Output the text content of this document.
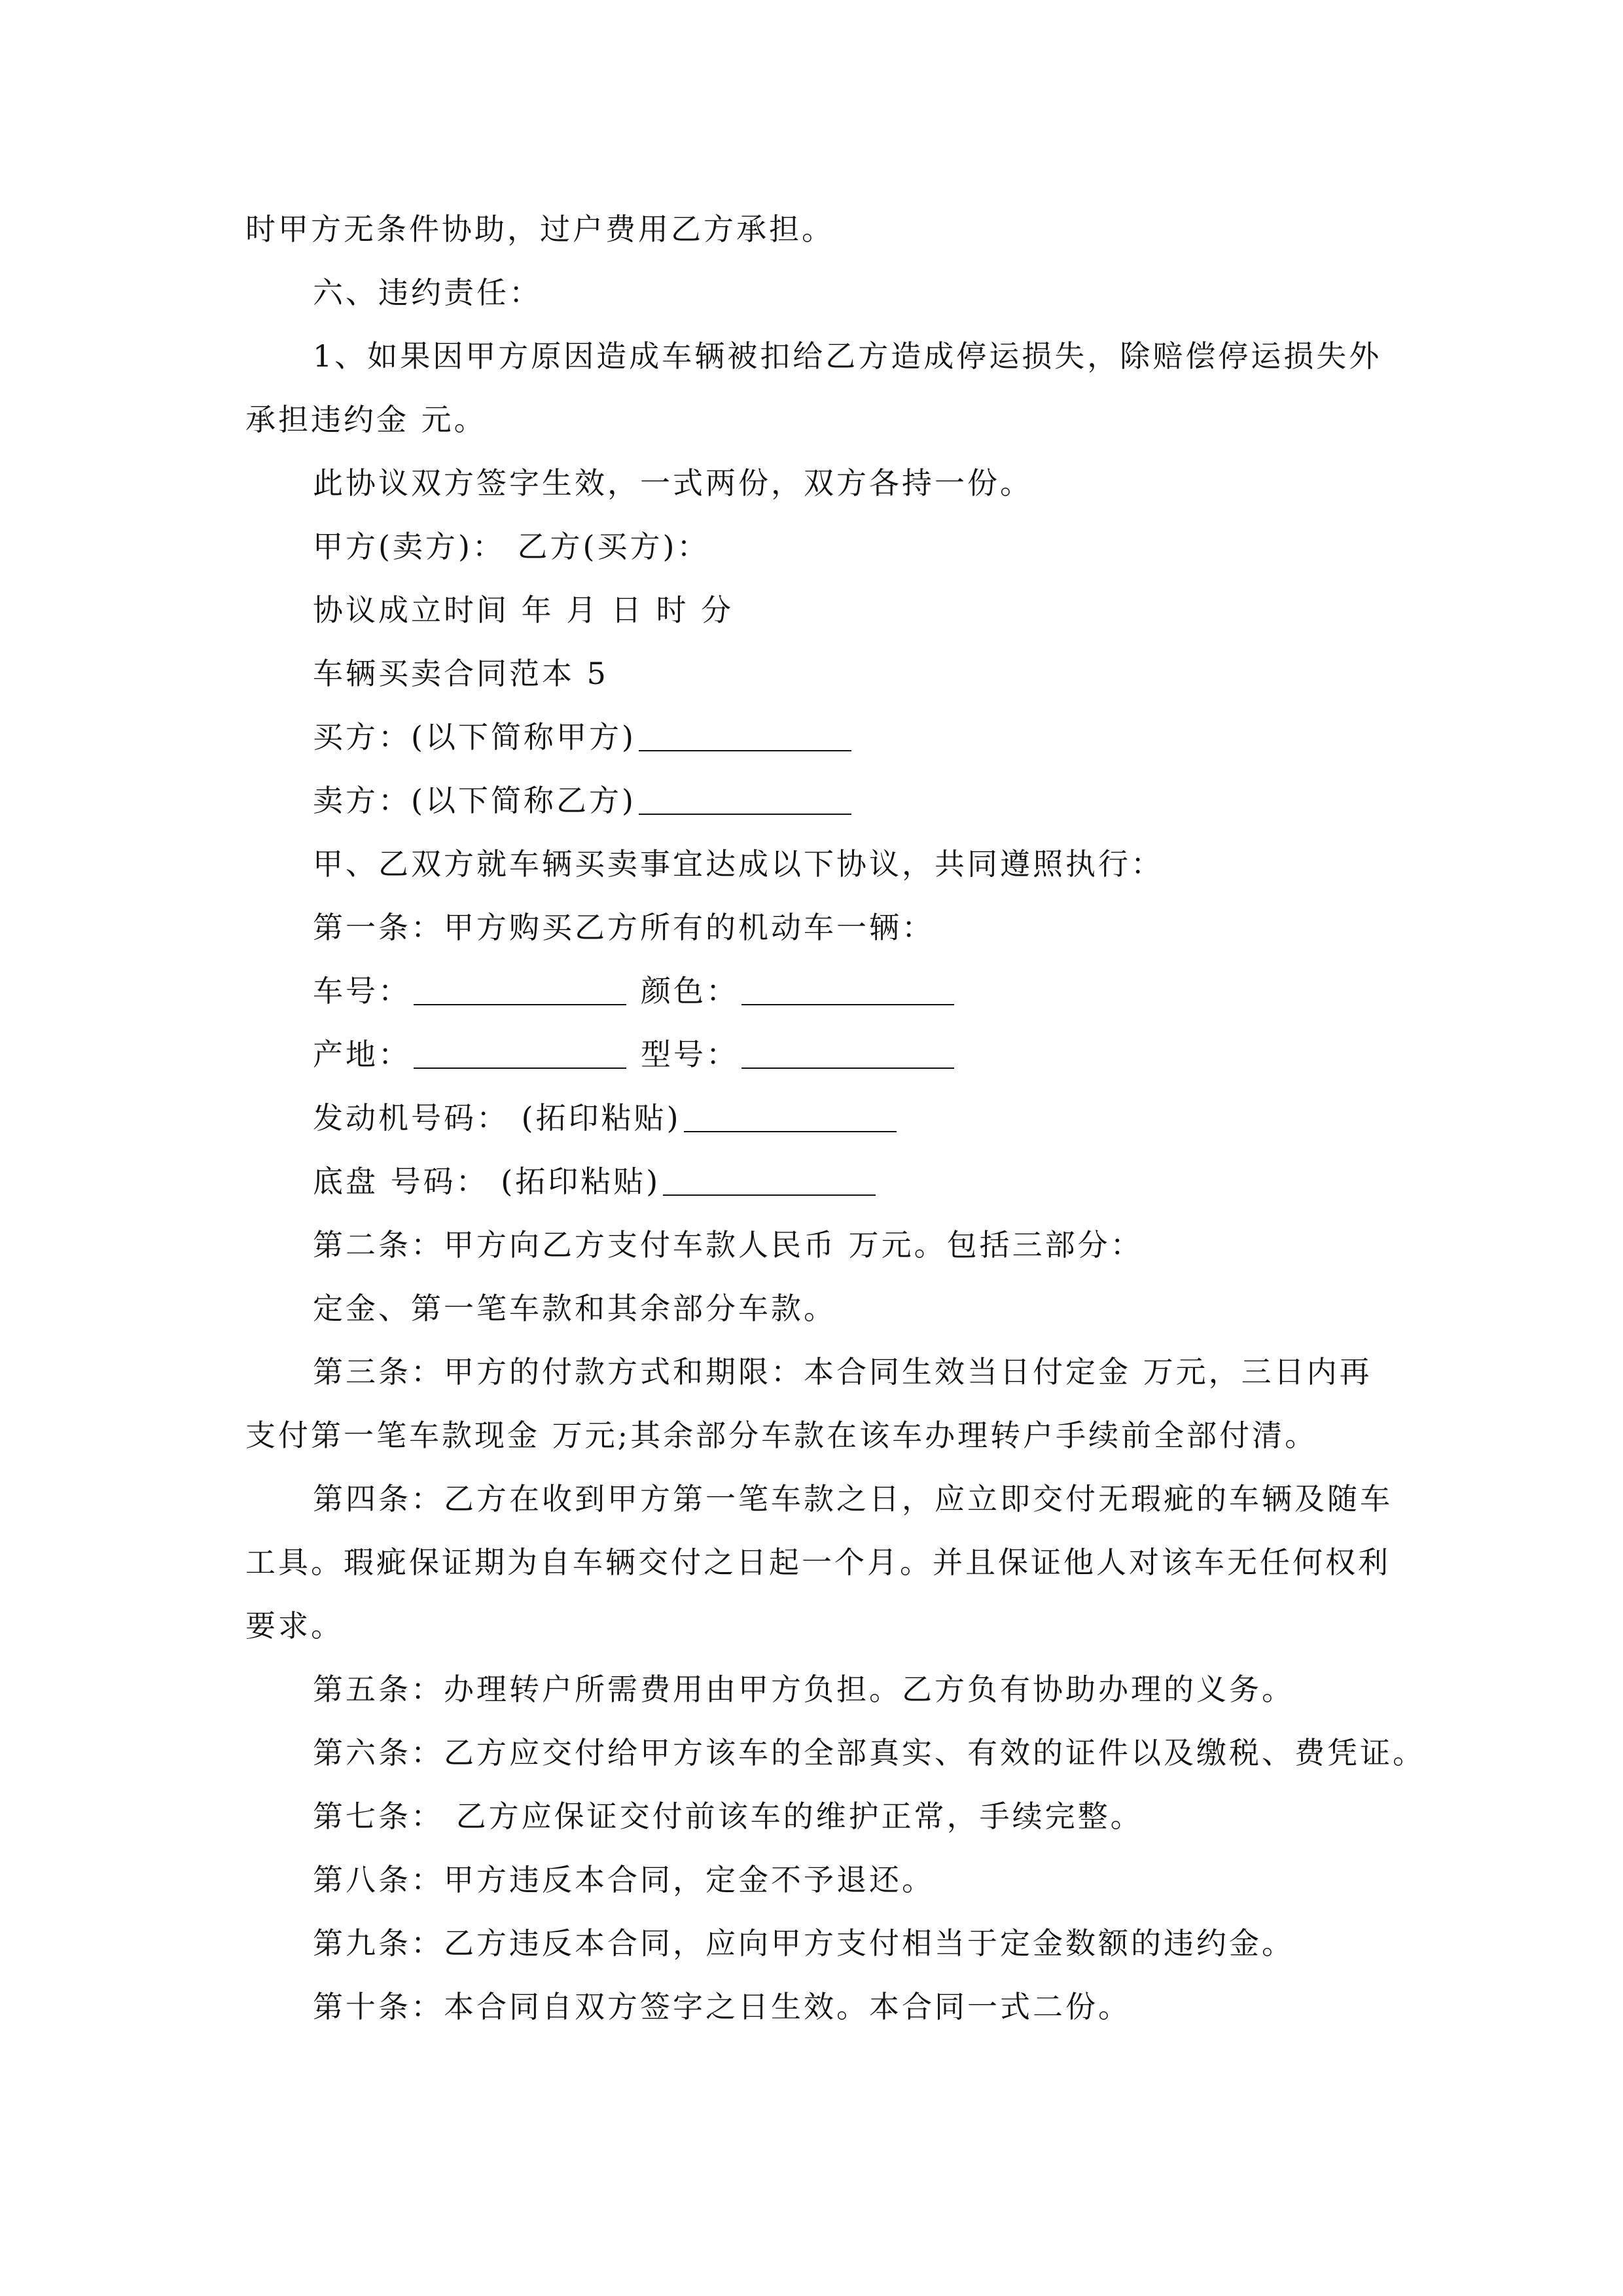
时甲方无条件协助，过户费用乙方承担。
六、违约责任：
1、如果因甲方原因造成车辆被扣给乙方造成停运损失，除赔偿停运损失外
承担违约金 元。
此协议双方签字生效，一式两份，双方各持一份。
甲方(卖方)： 乙方(买方)：
协议成立时间 年 月 日 时 分
车辆买卖合同范本 5
买方：(以下简称甲方)
卖方：(以下简称乙方)
甲、乙双方就车辆买卖事宜达成以下协议，共同遵照执行：
第一条：甲方购买乙方所有的机动车一辆：
车号：	颜色：
产地：	型号：
发动机号码： (拓印粘贴)
底盘 号码： (拓印粘贴)
第二条：甲方向乙方支付车款人民币 万元。包括三部分：
定金、第一笔车款和其余部分车款。
第三条：甲方的付款方式和期限：本合同生效当日付定金 万元，三日内再
支付第一笔车款现金 万元;其余部分车款在该车办理转户手续前全部付清。
第四条：乙方在收到甲方第一笔车款之日，应立即交付无瑕疵的车辆及随车
工具。瑕疵保证期为自车辆交付之日起一个月。并且保证他人对该车无任何权利
要求。
第五条：办理转户所需费用由甲方负担。乙方负有协助办理的义务。
第六条：乙方应交付给甲方该车的全部真实、有效的证件以及缴税、费凭证。
第七条： 乙方应保证交付前该车的维护正常，手续完整。
第八条：甲方违反本合同，定金不予退还。
第九条：乙方违反本合同，应向甲方支付相当于定金数额的违约金。
第十条：本合同自双方签字之日生效。本合同一式二份。
